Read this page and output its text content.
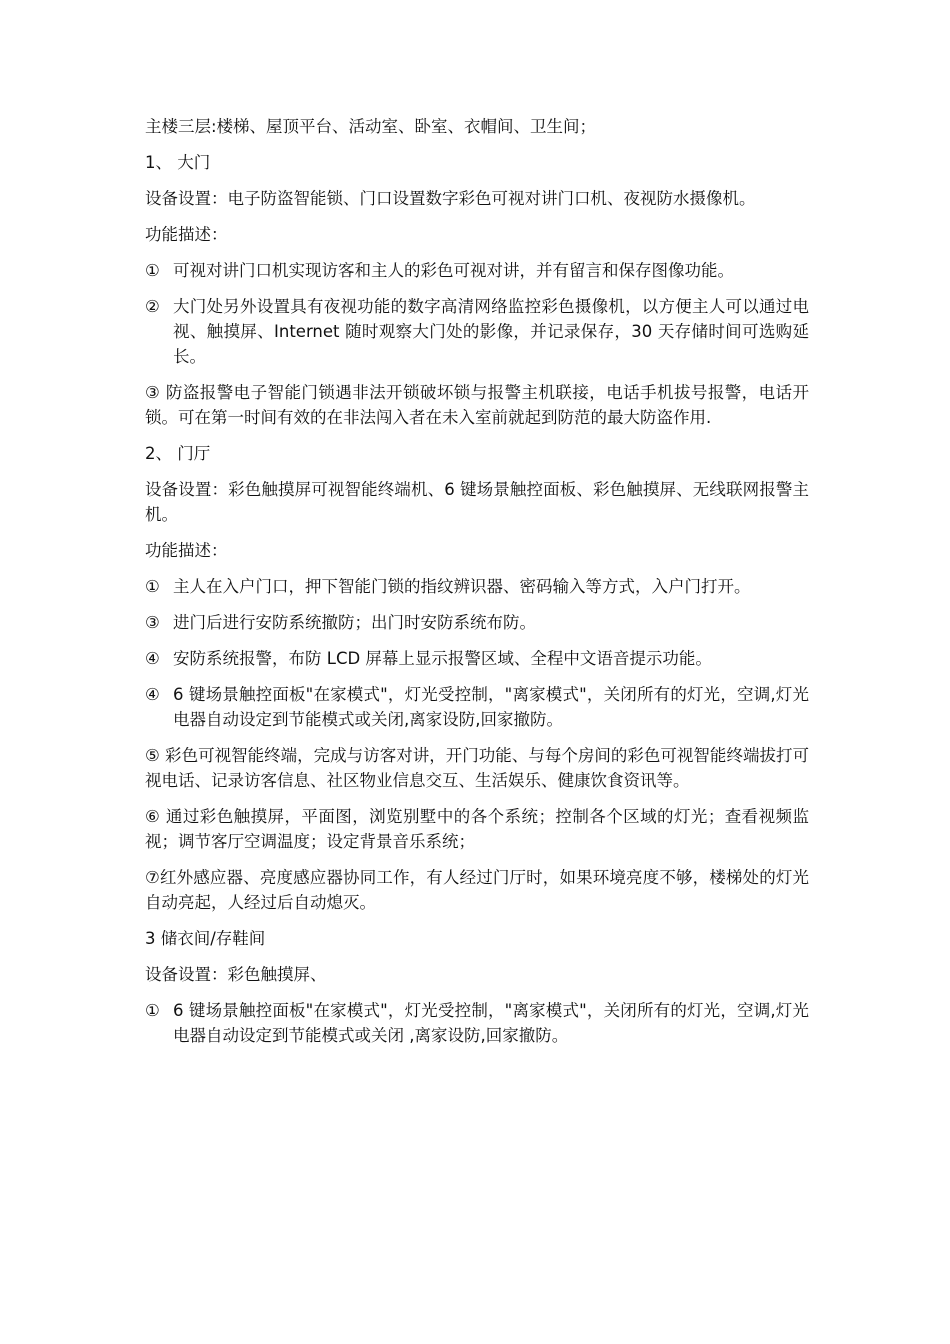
主楼三层:楼梯、屋顶平台、活动室、卧室、衣帽间、卫生间；

1、 大门

设备设置：电子防盗智能锁、门口设置数字彩色可视对讲门口机、夜视防水摄像机。

功能描述：

① 可视对讲门口机实现访客和主人的彩色可视对讲，并有留言和保存图像功能。
② 大门处另外设置具有夜视功能的数字高清网络监控彩色摄像机，以方便主人可以通过电视、触摸屏、Internet 随时观察大门处的影像，并记录保存，30 天存储时间可选购延长。

③ 防盗报警电子智能门锁遇非法开锁破坏锁与报警主机联接，电话手机拔号报警，电话开锁。可在第一时间有效的在非法闯入者在未入室前就起到防范的最大防盗作用.

2、 门厅

设备设置：彩色触摸屏可视智能终端机、6 键场景触控面板、彩色触摸屏、无线联网报警主机。

功能描述：

① 主人在入户门口，押下智能门锁的指纹辨识器、密码输入等方式，入户门打开。
③ 进门后进行安防系统撤防；出门时安防系统布防。
④ 安防系统报警，布防 LCD 屏幕上显示报警区域、全程中文语音提示功能。
④ 6 键场景触控面板"在家模式"，灯光受控制，"离家模式"，关闭所有的灯光，空调,灯光电器自动设定到节能模式或关闭,离家设防,回家撤防。

⑤ 彩色可视智能终端，完成与访客对讲，开门功能、与每个房间的彩色可视智能终端拔打可视电话、记录访客信息、社区物业信息交互、生活娱乐、健康饮食资讯等。

⑥ 通过彩色触摸屏，平面图，浏览别墅中的各个系统；控制各个区域的灯光；查看视频监视；调节客厅空调温度；设定背景音乐系统；

⑦红外感应器、亮度感应器协同工作，有人经过门厅时，如果环境亮度不够，楼梯处的灯光自动亮起，人经过后自动熄灭。

3 储衣间/存鞋间

设备设置：彩色触摸屏、

① 6 键场景触控面板"在家模式"，灯光受控制，"离家模式"，关闭所有的灯光，空调,灯光电器自动设定到节能模式或关闭 ,离家设防,回家撤防。
